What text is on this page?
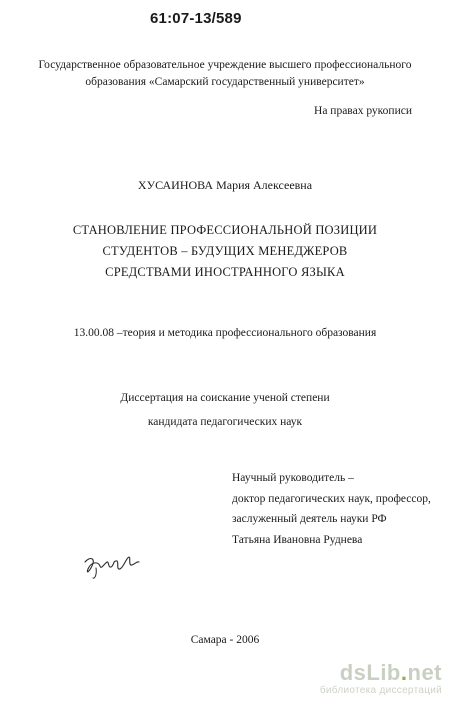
61:07-13/589
Государственное образовательное учреждение высшего профессионального
образования «Самарский государственный университет»
На правах рукописи
ХУСАИНОВА Мария Алексеевна
СТАНОВЛЕНИЕ ПРОФЕССИОНАЛЬНОЙ ПОЗИЦИИ
СТУДЕНТОВ – БУДУЩИХ МЕНЕДЖЕРОВ
СРЕДСТВАМИ ИНОСТРАННОГО ЯЗЫКА
13.00.08 –теория и методика профессионального образования
Диссертация на соискание ученой степени
кандидата педагогических наук
Научный руководитель –
доктор педагогических наук, профессор,
заслуженный деятель науки РФ
Татьяна Ивановна Руднева
Самара - 2006
dsLib.net
библиотека диссертаций
